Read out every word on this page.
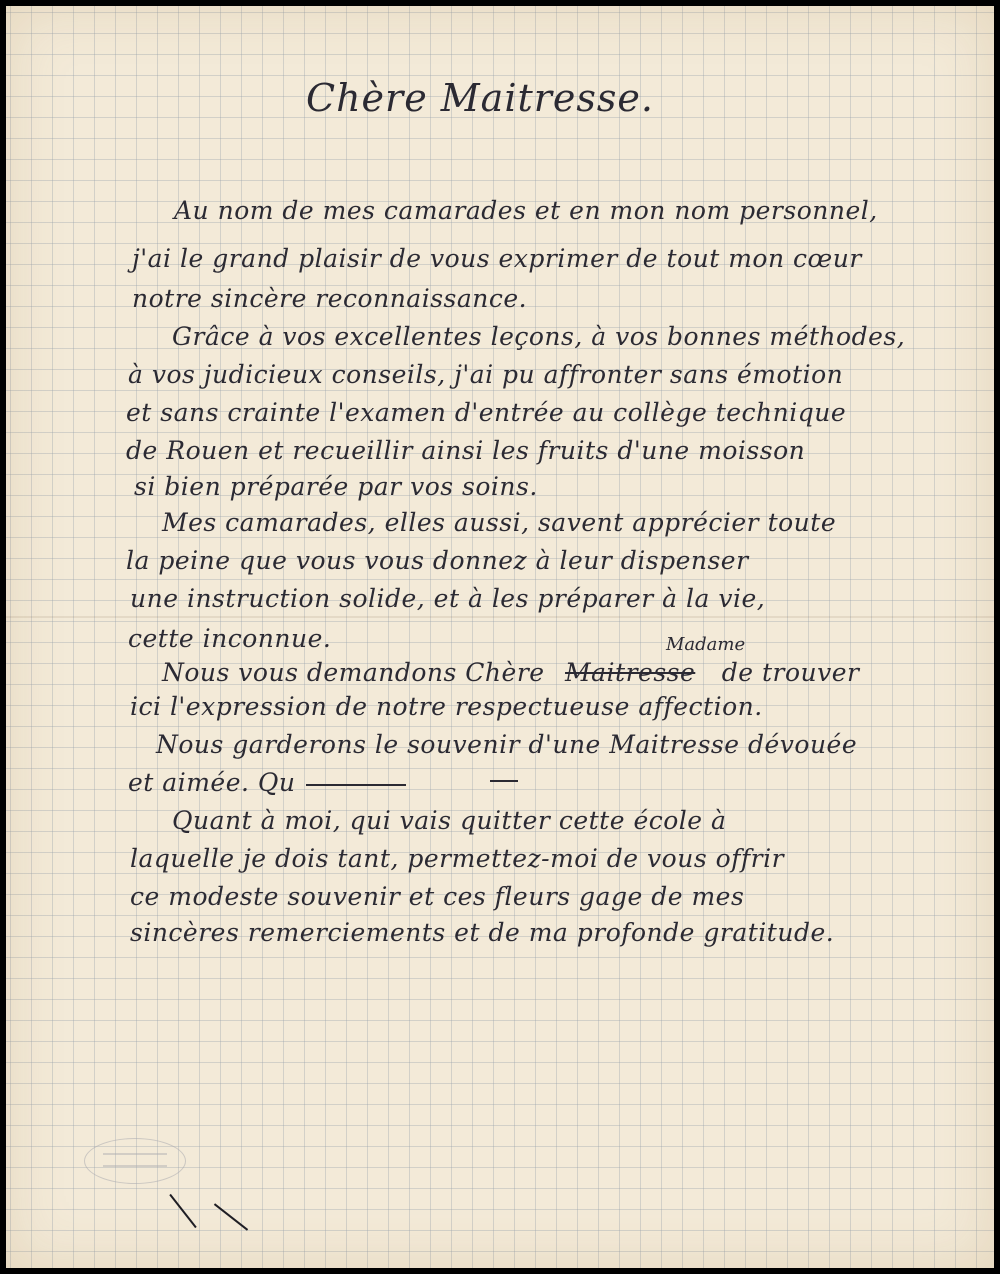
Chère Maitresse.
Au nom de mes camarades et en mon nom personnel,
j'ai le grand plaisir de vous exprimer de tout mon cœur
notre sincère reconnaissance.
Grâce à vos excellentes leçons, à vos bonnes méthodes,
à vos judicieux conseils, j'ai pu affronter sans émotion
et sans crainte l'examen d'entrée au collège technique
de Rouen et recueillir ainsi les fruits d'une moisson
si bien préparée par vos soins.
Mes camarades, elles aussi, savent apprécier toute
la peine que vous vous donnez à leur dispenser
une instruction solide, et à les préparer à la vie,
cette inconnue.
Nous vous demandons Chère Maitresse de trouver
Madame
ici l'expression de notre respectueuse affection.
Nous garderons le souvenir d'une Maitresse dévouée
et aimée. Qu
Quant à moi, qui vais quitter cette école à
laquelle je dois tant, permettez-moi de vous offrir
ce modeste souvenir et ces fleurs gage de mes
sincères remerciements et de ma profonde gratitude.
